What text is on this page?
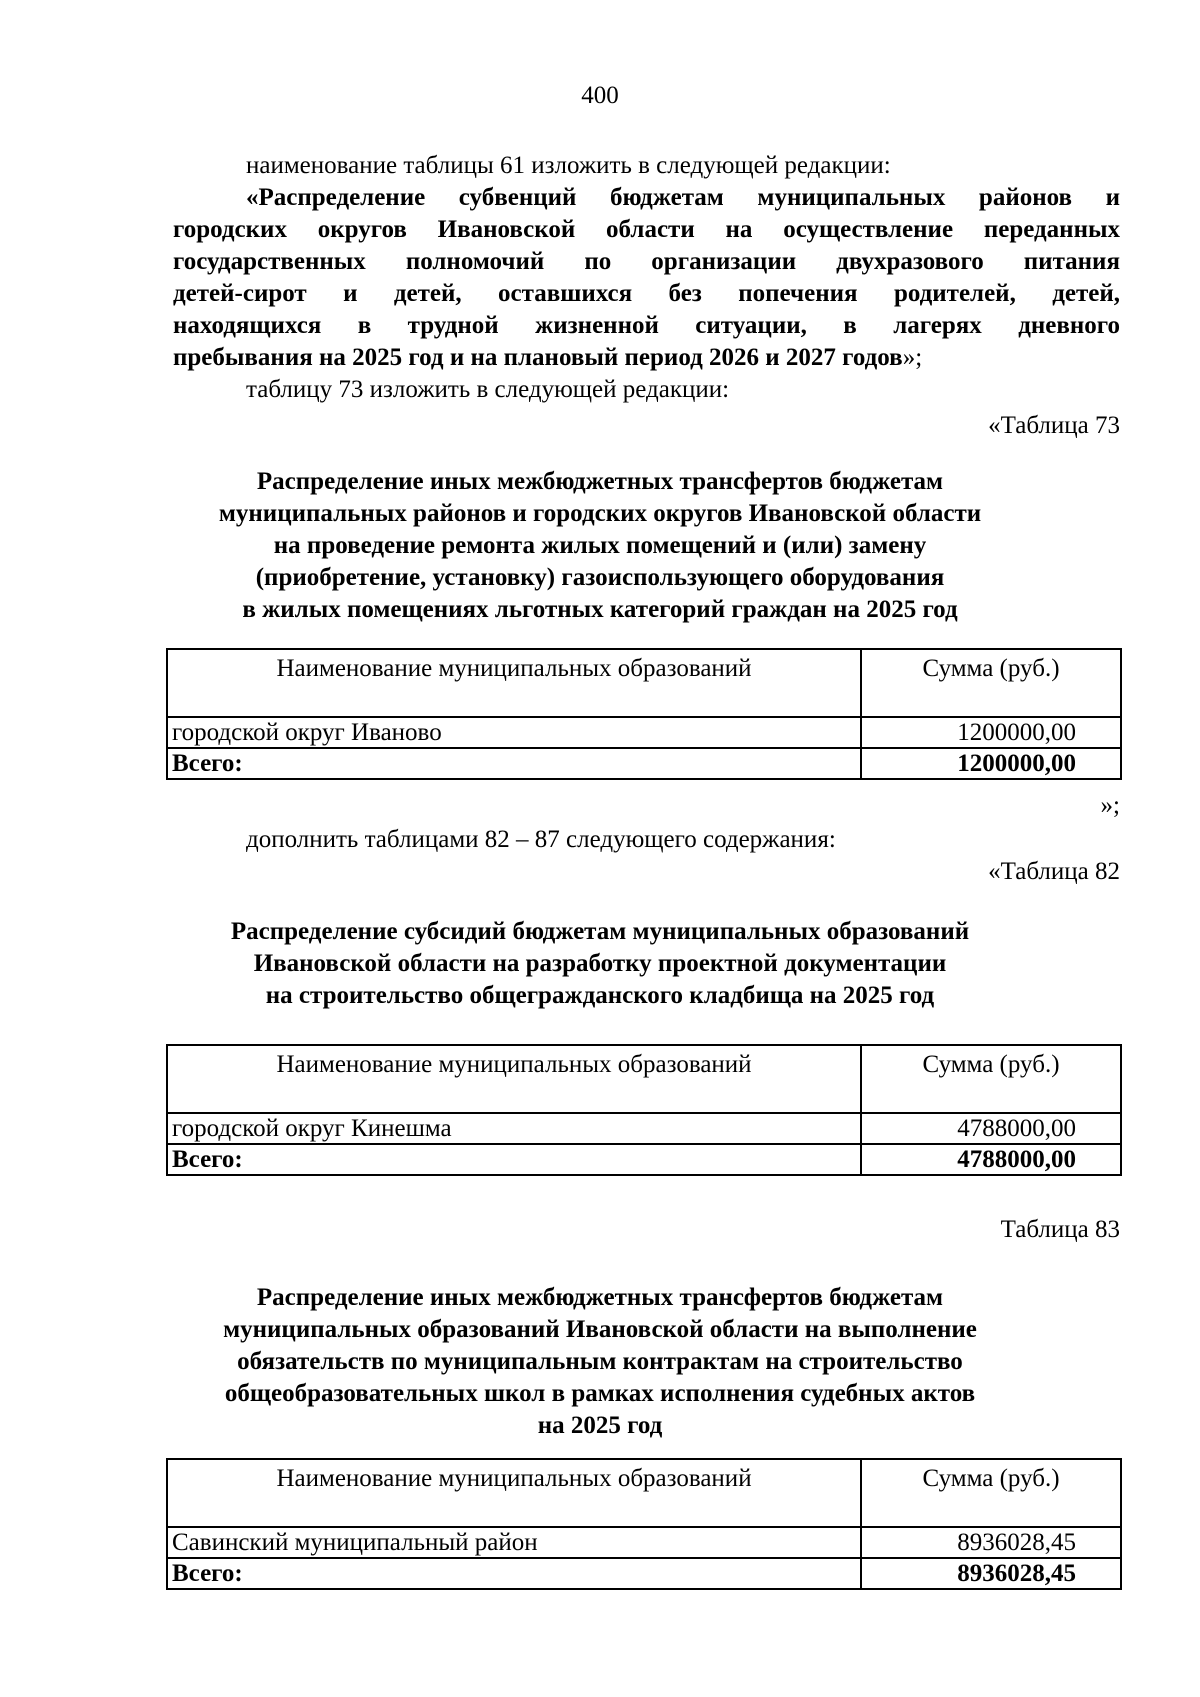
400
наименование таблицы 61 изложить в следующей редакции:
«Распределение субвенций бюджетам муниципальных районов и
городских округов Ивановской области на осуществление переданных
государственных полномочий по организации двухразового питания
детей-сирот и детей, оставшихся без попечения родителей, детей,
находящихся в трудной жизненной ситуации, в лагерях дневного
пребывания на 2025 год и на плановый период 2026 и 2027 годов»;
таблицу 73 изложить в следующей редакции:
«Таблица 73
Распределение иных межбюджетных трансфертов бюджетам
муниципальных районов и городских округов Ивановской области
на проведение ремонта жилых помещений и (или) замену
(приобретение, установку) газоиспользующего оборудования
в жилых помещениях льготных категорий граждан на 2025 год
Наименование муниципальных образований	Сумма (руб.)
городской округ Иваново	1200000,00
Всего:	1200000,00
»;
дополнить таблицами 82 – 87 следующего содержания:
«Таблица 82
Распределение субсидий бюджетам муниципальных образований
Ивановской области на разработку проектной документации
на строительство общегражданского кладбища на 2025 год
Наименование муниципальных образований	Сумма (руб.)
городской округ Кинешма	4788000,00
Всего:	4788000,00
Таблица 83
Распределение иных межбюджетных трансфертов бюджетам
муниципальных образований Ивановской области на выполнение
обязательств по муниципальным контрактам на строительство
общеобразовательных школ в рамках исполнения судебных актов
на 2025 год
Наименование муниципальных образований	Сумма (руб.)
Савинский муниципальный район	8936028,45
Всего:	8936028,45
